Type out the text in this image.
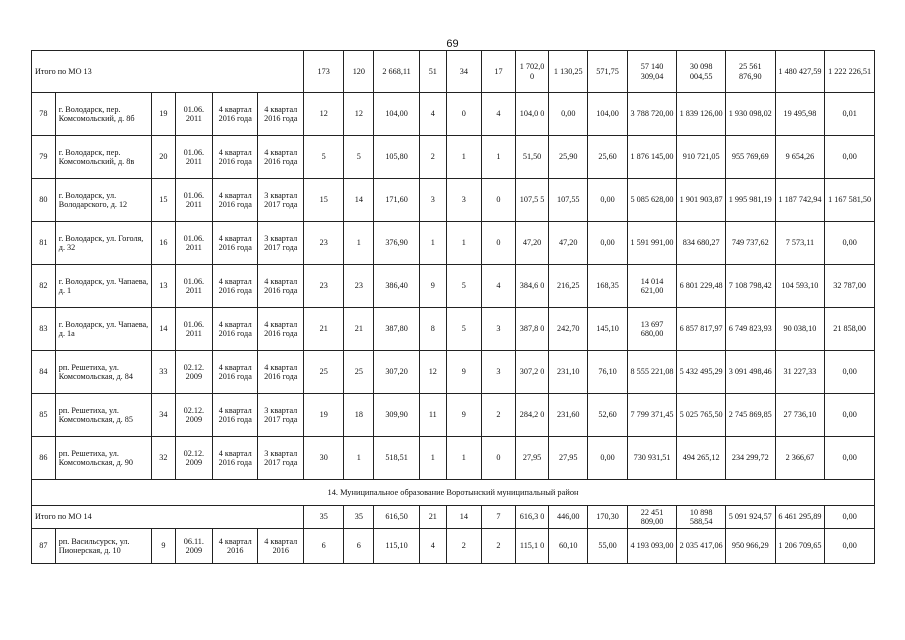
69
Итого по МО 13						173	120	2 668,11	51	34	17	1 702,0 0	1 130,25	571,75	57 140 309,04	30 098 004,55	25 561 876,90	1 480 427,59	1 222 226,51
78	г. Володарск, пер. Комсомольский, д. 8б	19	01.06. 2011	4 квартал 2016 года	4 квартал 2016 года	12	12	104,00	4	0	4	104,0 0	0,00	104,00	3 788 720,00	1 839 126,00	1 930 098,02	19 495,98	0,01
79	г. Володарск, пер. Комсомольский, д. 8в	20	01.06. 2011	4 квартал 2016 года	4 квартал 2016 года	5	5	105,80	2	1	1	51,50	25,90	25,60	1 876 145,00	910 721,05	955 769,69	9 654,26	0,00
80	г. Володарск, ул. Володарского, д. 12	15	01.06. 2011	4 квартал 2016 года	3 квартал 2017 года	15	14	171,60	3	3	0	107,5 5	107,55	0,00	5 085 628,00	1 901 903,87	1 995 981,19	1 187 742,94	1 167 581,50
81	г. Володарск, ул. Гоголя, д. 32	16	01.06. 2011	4 квартал 2016 года	3 квартал 2017 года	23	1	376,90	1	1	0	47,20	47,20	0,00	1 591 991,00	834 680,27	749 737,62	7 573,11	0,00
82	г. Володарск, ул. Чапаева, д. 1	13	01.06. 2011	4 квартал 2016 года	4 квартал 2016 года	23	23	386,40	9	5	4	384,6 0	216,25	168,35	14 014 621,00	6 801 229,48	7 108 798,42	104 593,10	32 787,00
83	г. Володарск, ул. Чапаева, д. 1а	14	01.06. 2011	4 квартал 2016 года	4 квартал 2016 года	21	21	387,80	8	5	3	387,8 0	242,70	145,10	13 697 680,00	6 857 817,97	6 749 823,93	90 038,10	21 858,00
84	рп. Решетиха, ул. Комсомольская, д. 84	33	02.12. 2009	4 квартал 2016 года	4 квартал 2016 года	25	25	307,20	12	9	3	307,2 0	231,10	76,10	8 555 221,08	5 432 495,29	3 091 498,46	31 227,33	0,00
85	рп. Решетиха, ул. Комсомольская, д. 85	34	02.12. 2009	4 квартал 2016 года	3 квартал 2017 года	19	18	309,90	11	9	2	284,2 0	231,60	52,60	7 799 371,45	5 025 765,50	2 745 869,85	27 736,10	0,00
86	рп. Решетиха, ул. Комсомольская, д. 90	32	02.12. 2009	4 квартал 2016 года	3 квартал 2017 года	30	1	518,51	1	1	0	27,95	27,95	0,00	730 931,51	494 265,12	234 299,72	2 366,67	0,00
14. Муниципальное образование Воротынский муниципальный район																			
Итого по МО 14						35	35	616,50	21	14	7	616,3 0	446,00	170,30	22 451 809,00	10 898 588,54	5 091 924,57	6 461 295,89	0,00
87	рп. Васильсурск, ул. Пионерская, д. 10	9	06.11. 2009	4 квартал 2016	4 квартал 2016	6	6	115,10	4	2	2	115,1 0	60,10	55,00	4 193 093,00	2 035 417,06	950 966,29	1 206 709,65	0,00
